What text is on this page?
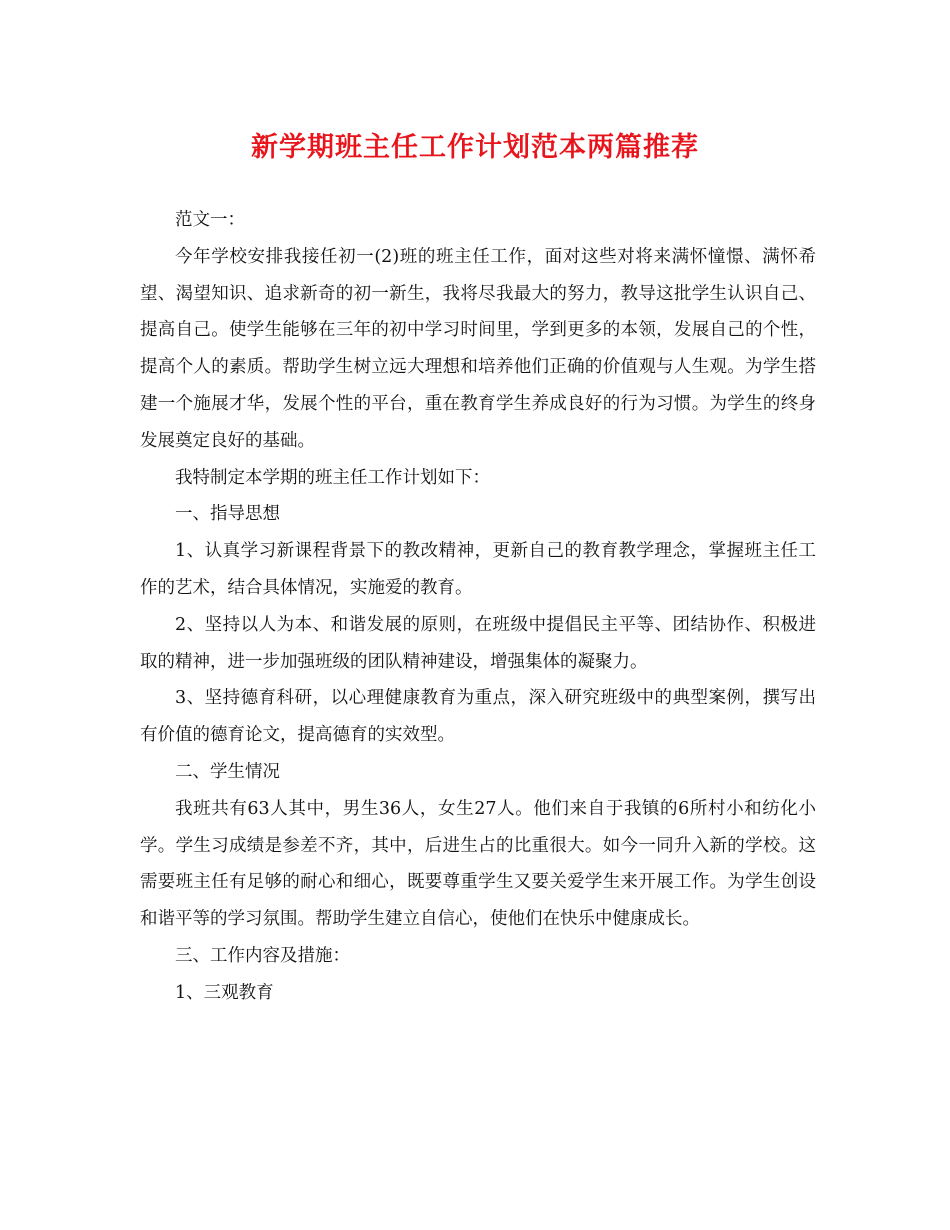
新学期班主任工作计划范本两篇推荐

范文一：

今年学校安排我接任初一(2)班的班主任工作，面对这些对将来满怀憧憬、满怀希望、渴望知识、追求新奇的初一新生，我将尽我最大的努力，教导这批学生认识自己、提高自己。使学生能够在三年的初中学习时间里，学到更多的本领，发展自己的个性，提高个人的素质。帮助学生树立远大理想和培养他们正确的价值观与人生观。为学生搭建一个施展才华，发展个性的平台，重在教育学生养成良好的行为习惯。为学生的终身发展奠定良好的基础。

我特制定本学期的班主任工作计划如下：

一、指导思想

1、认真学习新课程背景下的教改精神，更新自己的教育教学理念，掌握班主任工作的艺术，结合具体情况，实施爱的教育。

2、坚持以人为本、和谐发展的原则，在班级中提倡民主平等、团结协作、积极进取的精神，进一步加强班级的团队精神建设，增强集体的凝聚力。

3、坚持德育科研，以心理健康教育为重点，深入研究班级中的典型案例，撰写出有价值的德育论文，提高德育的实效型。

二、学生情况

我班共有63人其中，男生36人，女生27人。他们来自于我镇的6所村小和纺化小学。学生习成绩是参差不齐，其中，后进生占的比重很大。如今一同升入新的学校。这需要班主任有足够的耐心和细心，既要尊重学生又要关爱学生来开展工作。为学生创设和谐平等的学习氛围。帮助学生建立自信心，使他们在快乐中健康成长。

三、工作内容及措施：

1、三观教育
